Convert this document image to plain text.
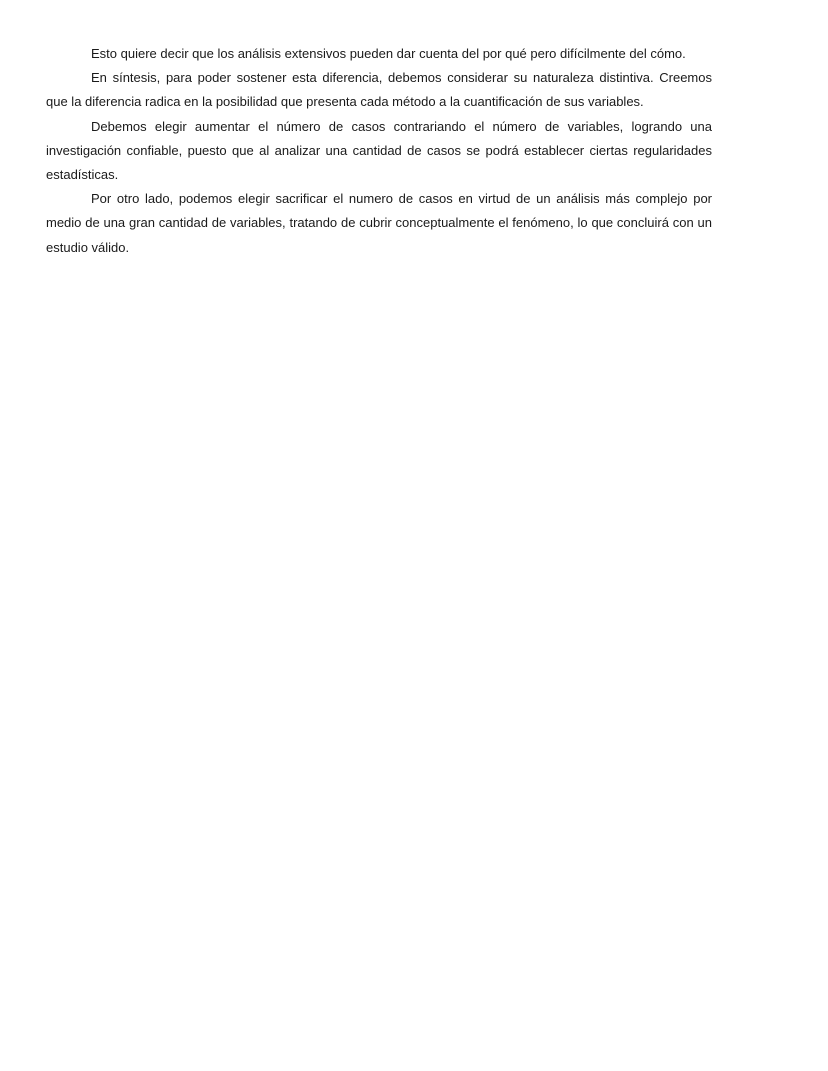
Esto quiere decir que los análisis extensivos pueden dar cuenta del por qué pero difícilmente del cómo.

En síntesis, para poder sostener esta diferencia, debemos considerar su naturaleza distintiva. Creemos que la diferencia radica en la posibilidad que presenta cada método a la cuantificación de sus variables.

Debemos elegir aumentar el número de casos contrariando el número de variables, logrando una investigación confiable, puesto que al analizar una cantidad de casos se podrá establecer ciertas regularidades estadísticas.

Por otro lado, podemos elegir sacrificar el numero de casos en virtud de un análisis más complejo por medio de una gran cantidad de variables, tratando de cubrir conceptualmente el fenómeno, lo que concluirá con un estudio válido.
